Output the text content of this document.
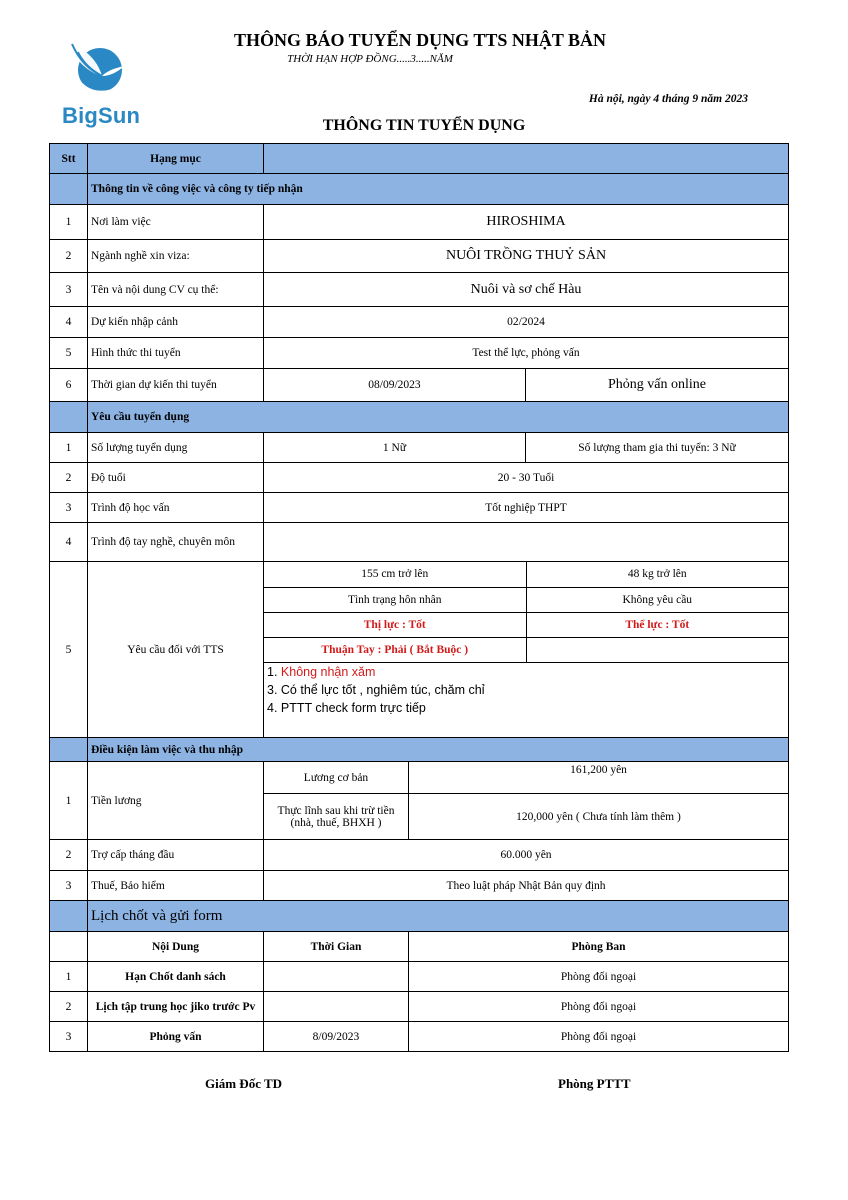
BigSun
THÔNG BÁO TUYỂN DỤNG TTS NHẬT BẢN
THỜI HẠN HỢP ĐỒNG.....3.....NĂM
Hà nội, ngày 4 tháng 9 năm 2023
THÔNG TIN TUYỂN DỤNG
Stt	Hạng mục	
	Thông tin về công việc và công ty tiếp nhận
1	Nơi làm việc	HIROSHIMA
2	Ngành nghề xin viza:	NUÔI TRỒNG THUỶ SẢN
3	Tên và nội dung CV cụ thể:	Nuôi và sơ chế Hàu
4	Dự kiến nhập cảnh	02/2024
5	Hình thức thi tuyển	Test thể lực, phỏng vấn
6	Thời gian dự kiến thi tuyển	08/09/2023	Phỏng vấn online
	Yêu cầu tuyển dụng
1	Số lượng tuyển dụng	1 Nữ	Số lượng tham gia thi tuyển: 3 Nữ
2	Độ tuổi	20 - 30 Tuổi
3	Trình độ học vấn	Tốt nghiệp THPT
4	Trình độ tay nghề, chuyên môn	
5	Yêu cầu đối với TTS	
155 cm trở lên	48 kg trở lên
Tình trạng hôn nhân	Không yêu cầu
Thị lực : Tốt	Thể lực : Tốt
Thuận Tay : Phải ( Bắt Buộc )	

1. Không nhận xăm
3. Có thể lực tốt , nghiêm túc, chăm chỉ
4. PTTT check form trực tiếp

	Điều kiện làm việc và thu nhập
1	Tiền lương	Lương cơ bản	161,200 yên
Thực lĩnh sau khi trừ tiền (nhà, thuế, BHXH )	120,000 yên ( Chưa tính làm thêm )
2	Trợ cấp tháng đầu	60.000 yên
3	Thuế, Bảo hiểm	Theo luật pháp Nhật Bản quy định
	Lịch chốt và gửi form
	Nội Dung	Thời Gian	Phòng Ban
1	Hạn Chốt danh sách		Phòng đối ngoại
2	Lịch tập trung học jiko trước Pv		Phòng đối ngoại
3	Phỏng vấn	8/09/2023	Phòng đối ngoại
Giám Đốc TD	Phòng PTTT
